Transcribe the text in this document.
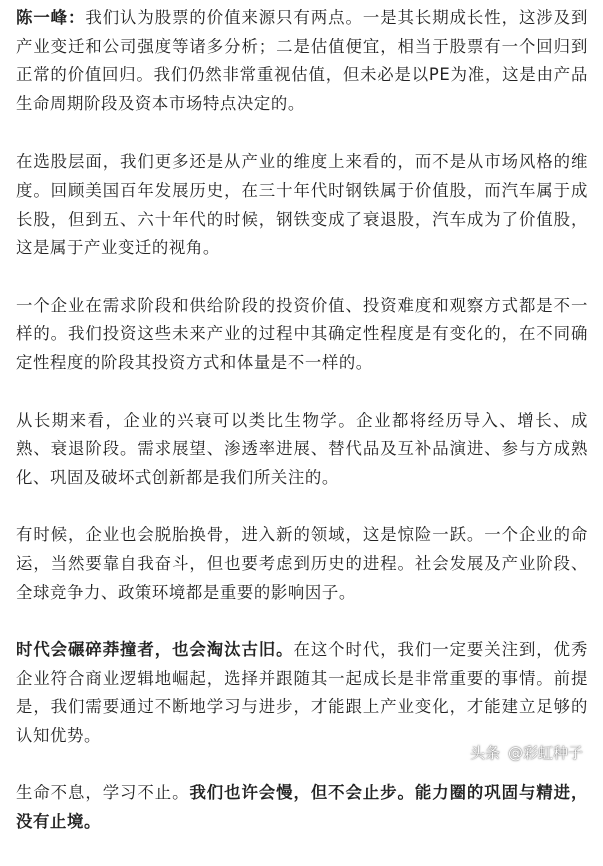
陈一峰：我们认为股票的价值来源只有两点。一是其长期成长性，这涉及到产业变迁和公司强度等诸多分析；二是估值便宜，相当于股票有一个回归到正常的价值回归。我们仍然非常重视估值，但未必是以PE为准，这是由产品生命周期阶段及资本市场特点决定的。

在选股层面，我们更多还是从产业的维度上来看的，而不是从市场风格的维度。回顾美国百年发展历史，在三十年代时钢铁属于价值股，而汽车属于成长股，但到五、六十年代的时候，钢铁变成了衰退股，汽车成为了价值股，这是属于产业变迁的视角。

一个企业在需求阶段和供给阶段的投资价值、投资难度和观察方式都是不一样的。我们投资这些未来产业的过程中其确定性程度是有变化的，在不同确定性程度的阶段其投资方式和体量是不一样的。

从长期来看，企业的兴衰可以类比生物学。企业都将经历导入、增长、成熟、衰退阶段。需求展望、渗透率进展、替代品及互补品演进、参与方成熟化、巩固及破坏式创新都是我们所关注的。

有时候，企业也会脱胎换骨，进入新的领域，这是惊险一跃。一个企业的命运，当然要靠自我奋斗，但也要考虑到历史的进程。社会发展及产业阶段、全球竞争力、政策环境都是重要的影响因子。

时代会碾碎莽撞者，也会淘汰古旧。在这个时代，我们一定要关注到，优秀企业符合商业逻辑地崛起，选择并跟随其一起成长是非常重要的事情。前提是，我们需要通过不断地学习与进步，才能跟上产业变化，才能建立足够的认知优势。

生命不息，学习不止。我们也许会慢，但不会止步。能力圈的巩固与精进，没有止境。

头条 @彩虹种子
